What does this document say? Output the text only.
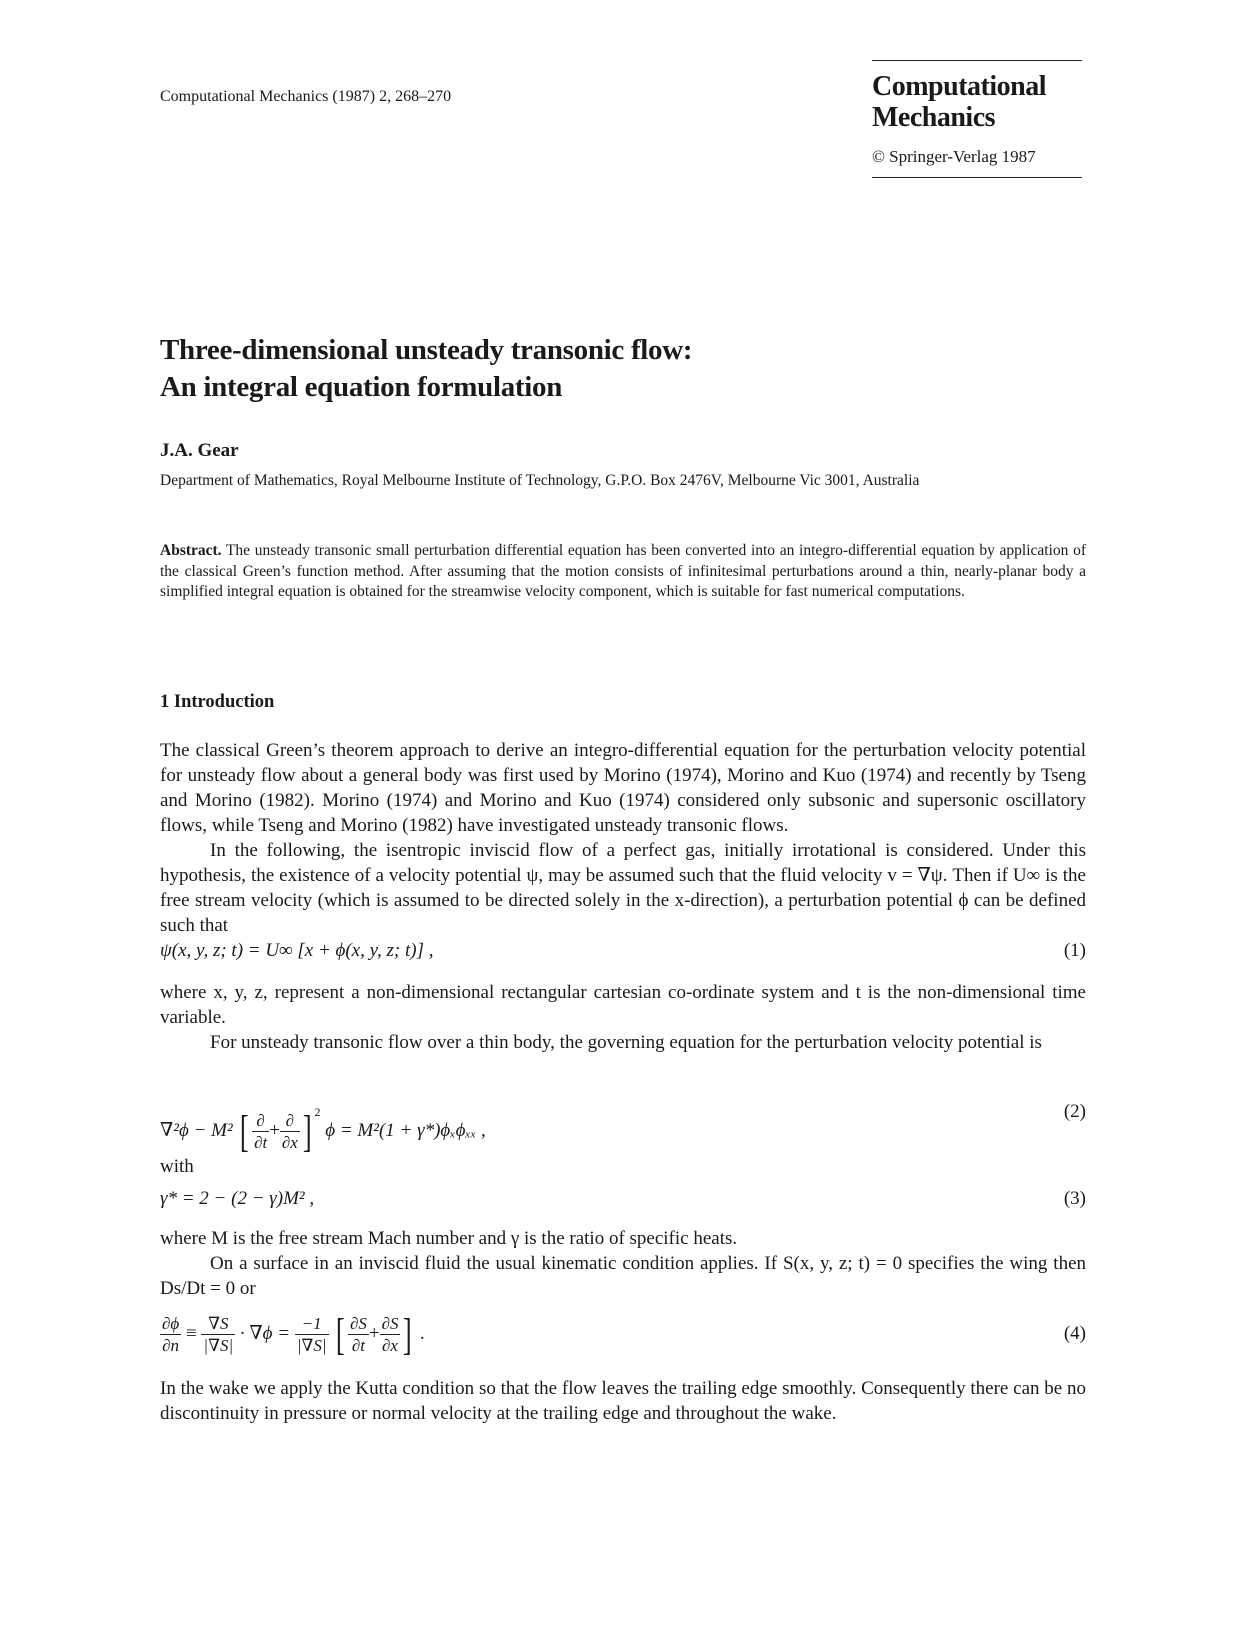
Computational Mechanics (1987) 2, 268–270	Computational
Mechanics
© Springer-Verlag 1987
Three-dimensional unsteady transonic flow:
An integral equation formulation
J.A. Gear
Department of Mathematics, Royal Melbourne Institute of Technology, G.P.O. Box 2476V, Melbourne Vic 3001, Australia
Abstract. The unsteady transonic small perturbation differential equation has been converted into an integro-differential equation by application of the classical Green’s function method. After assuming that the motion consists of infinitesimal perturbations around a thin, nearly-planar body a simplified integral equation is obtained for the streamwise velocity component, which is suitable for fast numerical computations.
1 Introduction

The classical Green’s theorem approach to derive an integro-differential equation for the perturbation velocity potential for unsteady flow about a general body was first used by Morino (1974), Morino and Kuo (1974) and recently by Tseng and Morino (1982). Morino (1974) and Morino and Kuo (1974) considered only subsonic and supersonic oscillatory flows, while Tseng and Morino (1982) have investigated unsteady transonic flows.

In the following, the isentropic inviscid flow of a perfect gas, initially irrotational is considered. Under this hypothesis, the existence of a velocity potential ψ, may be assumed such that the fluid velocity v = ∇ψ. Then if U∞ is the free stream velocity (which is assumed to be directed solely in the x-direction), a perturbation potential ϕ can be defined such that

ψ(x, y, z; t) = U∞ [x + ϕ(x, y, z; t)] ,	(1)

where x, y, z, represent a non-dimensional rectangular cartesian co-ordinate system and t is the non-dimensional time variable.

For unsteady transonic flow over a thin body, the governing equation for the perturbation velocity potential is

∇²ϕ − M² [ $\frac{\partial}{\partial t} + \frac{\partial}{\partial x}$ ] $^2$ ϕ = M²(1 + γ*)ϕₓϕₓₓ ,
(2)

with

γ* = 2 − (2 − γ)M² ,	(3)

where M is the free stream Mach number and γ is the ratio of specific heats.

On a surface in an inviscid fluid the usual kinematic condition applies. If S(x, y, z; t) = 0 specifies the wing then Ds/Dt = 0 or

$\frac{\partial\phi}{\partial n} \equiv \frac{\nabla S}{|\nabla S|} \cdot \nabla\phi = \frac{-1}{|\nabla S|}$ [ $\frac{\partial S}{\partial t} + \frac{\partial S}{\partial x}$ ] .	(4)

In the wake we apply the Kutta condition so that the flow leaves the trailing edge smoothly. Consequently there can be no discontinuity in pressure or normal velocity at the trailing edge and throughout the wake.
